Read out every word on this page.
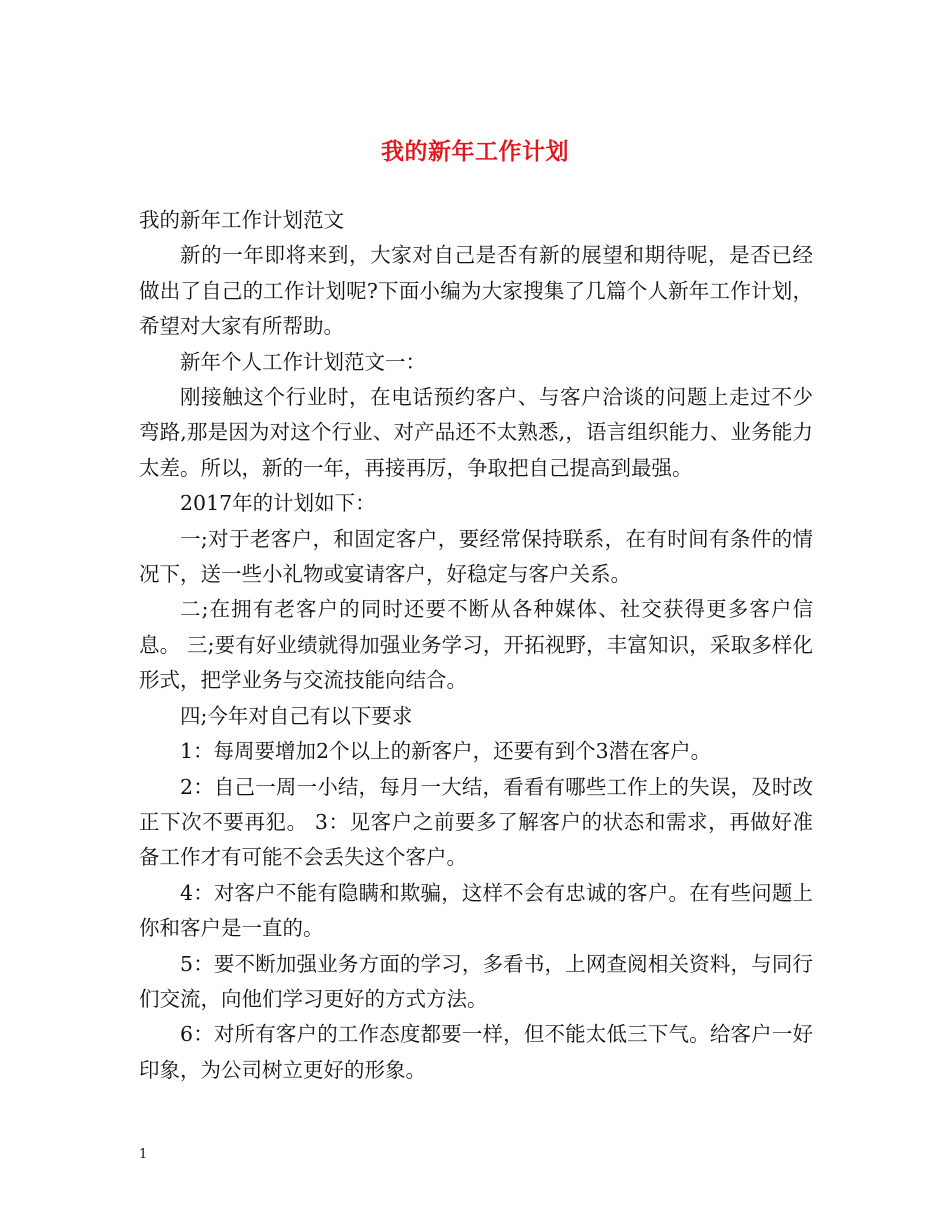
我的新年工作计划

我的新年工作计划范文

新的一年即将来到，大家对自己是否有新的展望和期待呢，是否已经做出了自己的工作计划呢?下面小编为大家搜集了几篇个人新年工作计划，希望对大家有所帮助。

新年个人工作计划范文一：

刚接触这个行业时，在电话预约客户、与客户洽谈的问题上走过不少弯路,那是因为对这个行业、对产品还不太熟悉,，语言组织能力、业务能力太差。所以，新的一年，再接再厉，争取把自己提高到最强。

2017年的计划如下：

一;对于老客户，和固定客户，要经常保持联系，在有时间有条件的情况下，送一些小礼物或宴请客户，好稳定与客户关系。

二;在拥有老客户的同时还要不断从各种媒体、社交获得更多客户信息。 三;要有好业绩就得加强业务学习，开拓视野，丰富知识，采取多样化形式，把学业务与交流技能向结合。

四;今年对自己有以下要求

1：每周要增加2个以上的新客户，还要有到个3潜在客户。

2：自己一周一小结，每月一大结，看看有哪些工作上的失误，及时改正下次不要再犯。 3：见客户之前要多了解客户的状态和需求，再做好准备工作才有可能不会丢失这个客户。

4：对客户不能有隐瞒和欺骗，这样不会有忠诚的客户。在有些问题上你和客户是一直的。

5：要不断加强业务方面的学习，多看书，上网查阅相关资料，与同行们交流，向他们学习更好的方式方法。

6：对所有客户的工作态度都要一样，但不能太低三下气。给客户一好印象，为公司树立更好的形象。

1
